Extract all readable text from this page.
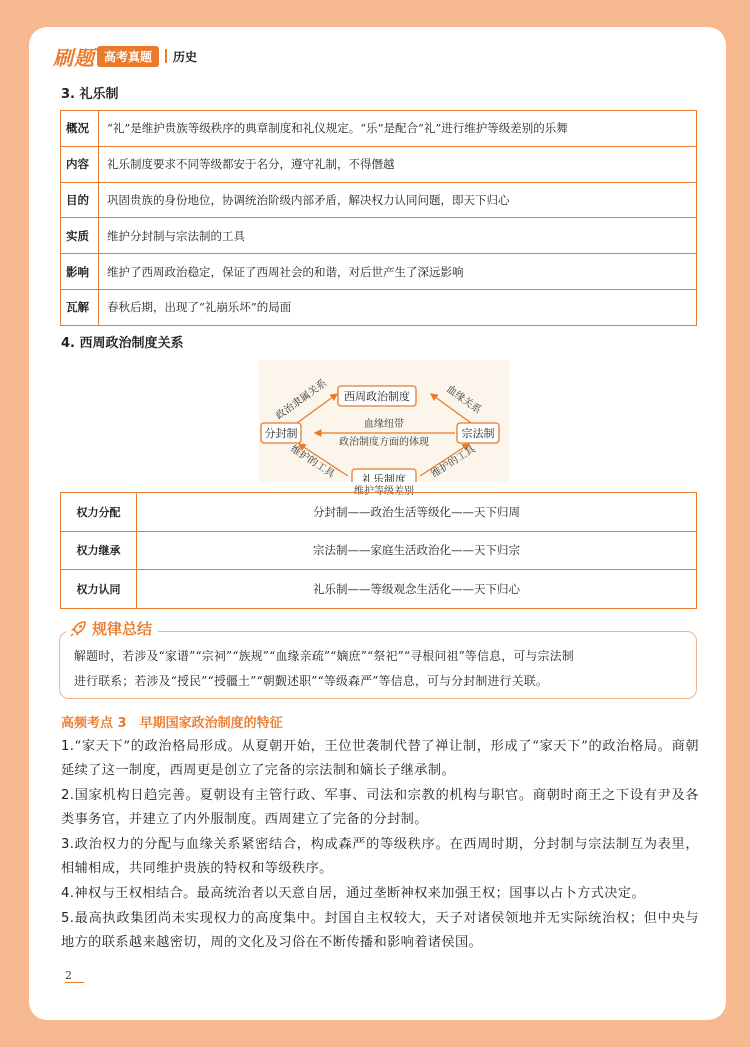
刷题 高考真题	历史
3. 礼乐制
概况	“礼”是维护贵族等级秩序的典章制度和礼仪规定。“乐”是配合“礼”进行维护等级差别的乐舞
内容	礼乐制度要求不同等级都安于名分，遵守礼制，不得僭越
目的	巩固贵族的身份地位，协调统治阶级内部矛盾，解决权力认同问题，即天下归心
实质	维护分封制与宗法制的工具
影响	维护了西周政治稳定，保证了西周社会的和谐，对后世产生了深远影响
瓦解	春秋后期，出现了“礼崩乐坏”的局面
4. 西周政治制度关系
西周政治制度
分封制	宗法制
礼乐制度
政治隶属关系	血缘关系
血缘纽带
政治制度方面的体现
维护的工具	维护的工具
维护等级差别
权力分配	分封制——政治生活等级化——天下归周
权力继承	宗法制——家庭生活政治化——天下归宗
权力认同	礼乐制——等级观念生活化——天下归心
解题时，若涉及“家谱”“宗祠”“族规”“血缘亲疏”“嫡庶”“祭祀”“寻根问祖”等信息，可与宗法制
进行联系；若涉及“授民”“授疆土”“朝觐述职”“等级森严”等信息，可与分封制进行关联。
规律总结
高频考点 3　早期国家政治制度的特征
1.“家天下”的政治格局形成。从夏朝开始，王位世袭制代替了禅让制，形成了“家天下”的政治格局。商朝延续了这一制度，西周更是创立了完备的宗法制和嫡长子继承制。
2.国家机构日趋完善。夏朝设有主管行政、军事、司法和宗教的机构与职官。商朝时商王之下设有尹及各类事务官，并建立了内外服制度。西周建立了完备的分封制。
3.政治权力的分配与血缘关系紧密结合，构成森严的等级秩序。在西周时期，分封制与宗法制互为表里，相辅相成，共同维护贵族的特权和等级秩序。
4.神权与王权相结合。最高统治者以天意自居，通过垄断神权来加强王权；国事以占卜方式决定。
5.最高执政集团尚未实现权力的高度集中。封国自主权较大，天子对诸侯领地并无实际统治权；但中央与地方的联系越来越密切，周的文化及习俗在不断传播和影响着诸侯国。
2
